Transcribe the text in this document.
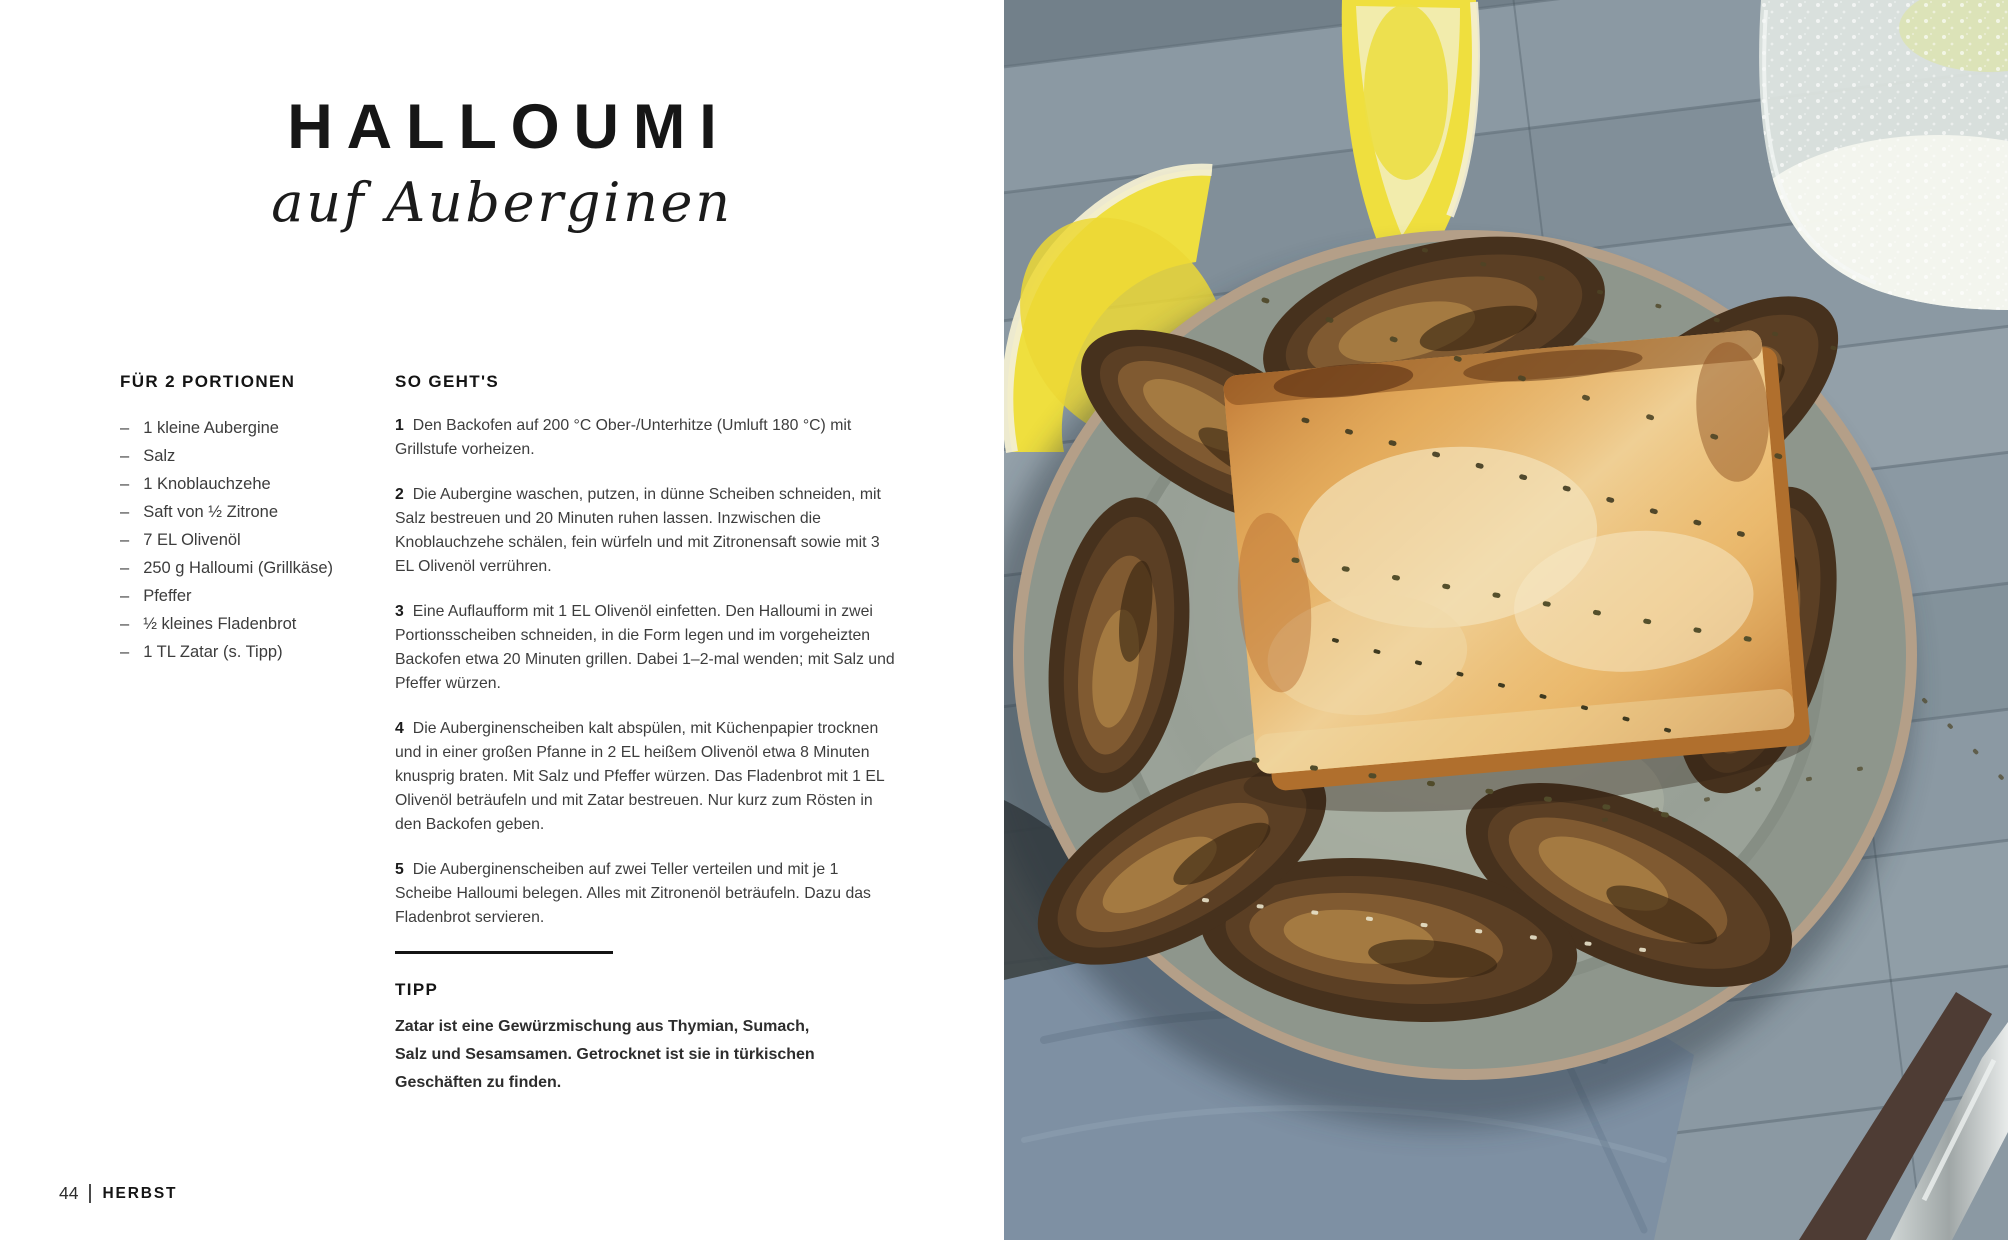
HALLOUMI
auf Auberginen
FÜR 2 PORTIONEN
– 1 kleine Aubergine
– Salz
– 1 Knoblauchzehe
– Saft von ½ Zitrone
– 7 EL Olivenöl
– 250 g Halloumi (Grillkäse)
– Pfeffer
– ½ kleines Fladenbrot
– 1 TL Zatar (s. Tipp)
SO GEHT'S

1 Den Backofen auf 200 °C Ober-/Unterhitze (Umluft 180 °C) mit Grillstufe vorheizen.

2 Die Aubergine waschen, putzen, in dünne Scheiben schneiden, mit Salz bestreuen und 20 Minuten ruhen lassen. Inzwischen die Knoblauchzehe schälen, fein würfeln und mit Zitronensaft sowie mit 3 EL Olivenöl verrühren.

3 Eine Auflaufform mit 1 EL Olivenöl einfetten. Den Halloumi in zwei Portionsscheiben schneiden, in die Form legen und im vorgeheizten Backofen etwa 20 Minuten grillen. Dabei 1–2-mal wenden; mit Salz und Pfeffer würzen.

4 Die Auberginenscheiben kalt abspülen, mit Küchenpapier trocknen und in einer großen Pfanne in 2 EL heißem Olivenöl etwa 8 Minuten knusprig braten. Mit Salz und Pfeffer würzen. Das Fladenbrot mit 1 EL Olivenöl beträufeln und mit Zatar bestreuen. Nur kurz zum Rösten in den Backofen geben.

5 Die Auberginenscheiben auf zwei Teller verteilen und mit je 1 Scheibe Halloumi belegen. Alles mit Zitronenöl beträufeln. Dazu das Fladenbrot servieren.

TIPP
Zatar ist eine Gewürzmischung aus Thymian, Sumach,
Salz und Sesamsamen. Getrocknet ist sie in türkischen
Geschäften zu finden.
44 HERBST
